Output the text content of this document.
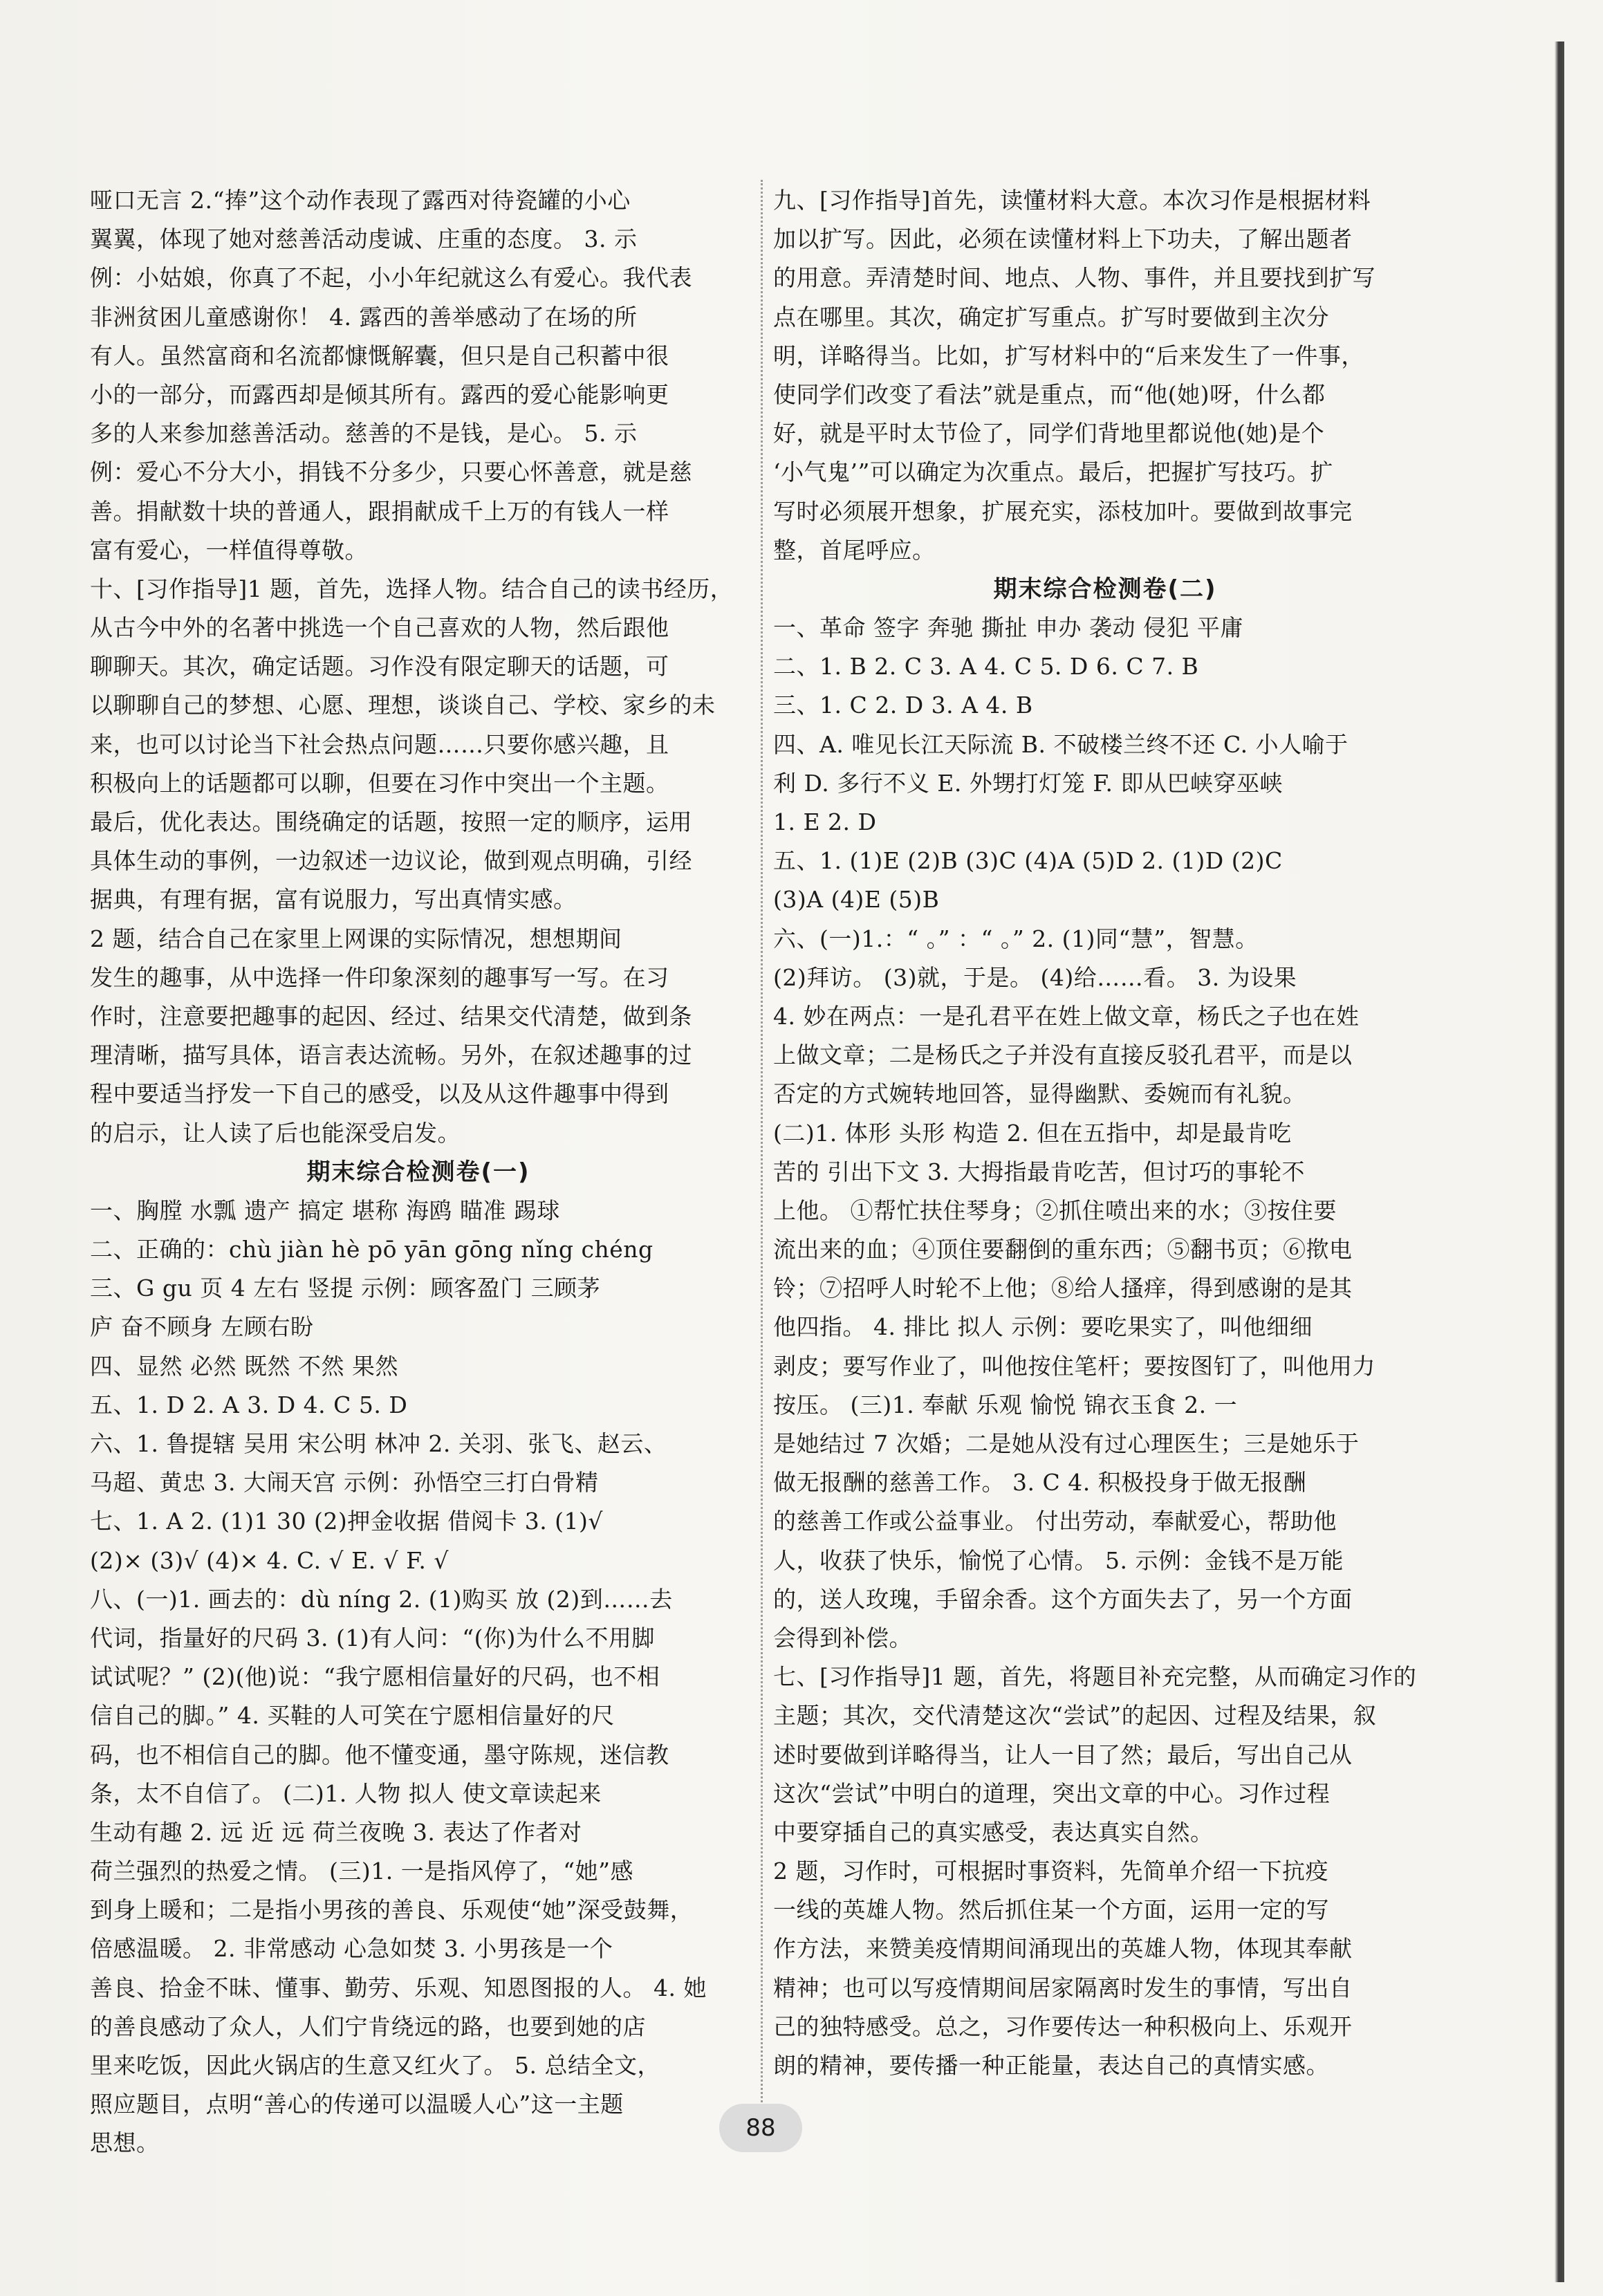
哑口无言 2.“捧”这个动作表现了露西对待瓷罐的小心
翼翼，体现了她对慈善活动虔诚、庄重的态度。 3. 示
例：小姑娘，你真了不起，小小年纪就这么有爱心。我代表
非洲贫困儿童感谢你！ 4. 露西的善举感动了在场的所
有人。虽然富商和名流都慷慨解囊，但只是自己积蓄中很
小的一部分，而露西却是倾其所有。露西的爱心能影响更
多的人来参加慈善活动。慈善的不是钱，是心。 5. 示
例：爱心不分大小，捐钱不分多少，只要心怀善意，就是慈
善。捐献数十块的普通人，跟捐献成千上万的有钱人一样
富有爱心，一样值得尊敬。
十、[习作指导]1 题，首先，选择人物。结合自己的读书经历，
从古今中外的名著中挑选一个自己喜欢的人物，然后跟他
聊聊天。其次，确定话题。习作没有限定聊天的话题，可
以聊聊自己的梦想、心愿、理想，谈谈自己、学校、家乡的未
来，也可以讨论当下社会热点问题……只要你感兴趣，且
积极向上的话题都可以聊，但要在习作中突出一个主题。
最后，优化表达。围绕确定的话题，按照一定的顺序，运用
具体生动的事例，一边叙述一边议论，做到观点明确，引经
据典，有理有据，富有说服力，写出真情实感。
2 题，结合自己在家里上网课的实际情况，想想期间
发生的趣事，从中选择一件印象深刻的趣事写一写。在习
作时，注意要把趣事的起因、经过、结果交代清楚，做到条
理清晰，描写具体，语言表达流畅。另外，在叙述趣事的过
程中要适当抒发一下自己的感受，以及从这件趣事中得到
的启示，让人读了后也能深受启发。
期末综合检测卷(一)
一、胸膛 水瓢 遗产 搞定 堪称 海鸥 瞄准 踢球
二、正确的：chù jiàn hè pō yān gōng nǐng chéng
三、G gu 页 4 左右 竖提 示例：顾客盈门 三顾茅
庐 奋不顾身 左顾右盼
四、显然 必然 既然 不然 果然
五、1. D 2. A 3. D 4. C 5. D
六、1. 鲁提辖 吴用 宋公明 林冲 2. 关羽、张飞、赵云、
马超、黄忠 3. 大闹天宫 示例：孙悟空三打白骨精
七、1. A 2. (1)1 30 (2)押金收据 借阅卡 3. (1)√
(2)× (3)√ (4)× 4. C. √ E. √ F. √
八、(一)1. 画去的：dù níng 2. (1)购买 放 (2)到……去
代词，指量好的尺码 3. (1)有人问：“(你)为什么不用脚
试试呢？” (2)(他)说：“我宁愿相信量好的尺码，也不相
信自己的脚。” 4. 买鞋的人可笑在宁愿相信量好的尺
码，也不相信自己的脚。他不懂变通，墨守陈规，迷信教
条，太不自信了。 (二)1. 人物 拟人 使文章读起来
生动有趣 2. 远 近 远 荷兰夜晚 3. 表达了作者对
荷兰强烈的热爱之情。 (三)1. 一是指风停了，“她”感
到身上暖和；二是指小男孩的善良、乐观使“她”深受鼓舞，
倍感温暖。 2. 非常感动 心急如焚 3. 小男孩是一个
善良、拾金不昧、懂事、勤劳、乐观、知恩图报的人。 4. 她
的善良感动了众人，人们宁肯绕远的路，也要到她的店
里来吃饭，因此火锅店的生意又红火了。 5. 总结全文，
照应题目，点明“善心的传递可以温暖人心”这一主题
思想。
九、[习作指导]首先，读懂材料大意。本次习作是根据材料
加以扩写。因此，必须在读懂材料上下功夫，了解出题者
的用意。弄清楚时间、地点、人物、事件，并且要找到扩写
点在哪里。其次，确定扩写重点。扩写时要做到主次分
明，详略得当。比如，扩写材料中的“后来发生了一件事，
使同学们改变了看法”就是重点，而“他(她)呀，什么都
好，就是平时太节俭了，同学们背地里都说他(她)是个
‘小气鬼’”可以确定为次重点。最后，把握扩写技巧。扩
写时必须展开想象，扩展充实，添枝加叶。要做到故事完
整，首尾呼应。
期末综合检测卷(二)
一、革命 签字 奔驰 撕扯 申办 袭动 侵犯 平庸
二、1. B 2. C 3. A 4. C 5. D 6. C 7. B
三、1. C 2. D 3. A 4. B
四、A. 唯见长江天际流 B. 不破楼兰终不还 C. 小人喻于
利 D. 多行不义 E. 外甥打灯笼 F. 即从巴峡穿巫峡
1. E 2. D
五、1. (1)E (2)B (3)C (4)A (5)D 2. (1)D (2)C
(3)A (4)E (5)B
六、(一)1.：“ 。” ：“ 。” 2. (1)同“慧”，智慧。
(2)拜访。 (3)就，于是。 (4)给……看。 3. 为设果
4. 妙在两点：一是孔君平在姓上做文章，杨氏之子也在姓
上做文章；二是杨氏之子并没有直接反驳孔君平，而是以
否定的方式婉转地回答，显得幽默、委婉而有礼貌。
(二)1. 体形 头形 构造 2. 但在五指中，却是最肯吃
苦的 引出下文 3. 大拇指最肯吃苦，但讨巧的事轮不
上他。 ①帮忙扶住琴身；②抓住喷出来的水；③按住要
流出来的血；④顶住要翻倒的重东西；⑤翻书页；⑥揿电
铃；⑦招呼人时轮不上他；⑧给人搔痒，得到感谢的是其
他四指。 4. 排比 拟人 示例：要吃果实了，叫他细细
剥皮；要写作业了，叫他按住笔杆；要按图钉了，叫他用力
按压。 (三)1. 奉献 乐观 愉悦 锦衣玉食 2. 一
是她结过 7 次婚；二是她从没有过心理医生；三是她乐于
做无报酬的慈善工作。 3. C 4. 积极投身于做无报酬
的慈善工作或公益事业。 付出劳动，奉献爱心，帮助他
人，收获了快乐，愉悦了心情。 5. 示例：金钱不是万能
的，送人玫瑰，手留余香。这个方面失去了，另一个方面
会得到补偿。
七、[习作指导]1 题，首先，将题目补充完整，从而确定习作的
主题；其次，交代清楚这次“尝试”的起因、过程及结果，叙
述时要做到详略得当，让人一目了然；最后，写出自己从
这次“尝试”中明白的道理，突出文章的中心。习作过程
中要穿插自己的真实感受，表达真实自然。
2 题，习作时，可根据时事资料，先简单介绍一下抗疫
一线的英雄人物。然后抓住某一个方面，运用一定的写
作方法，来赞美疫情期间涌现出的英雄人物，体现其奉献
精神；也可以写疫情期间居家隔离时发生的事情，写出自
己的独特感受。总之，习作要传达一种积极向上、乐观开
朗的精神，要传播一种正能量，表达自己的真情实感。
88
